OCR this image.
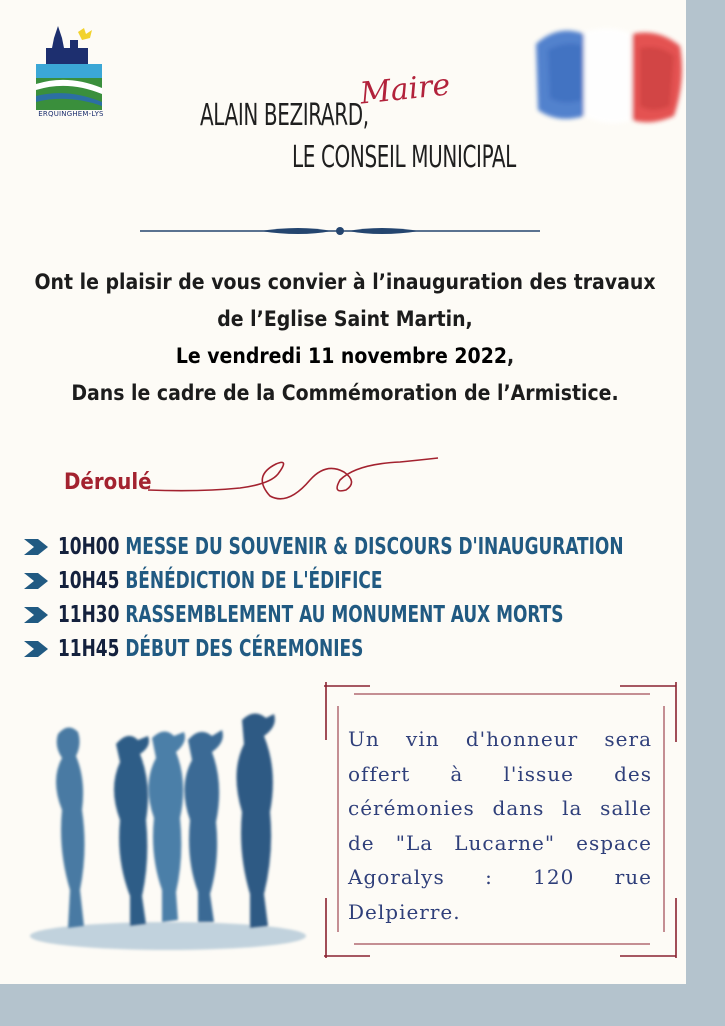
ERQUINGHEM-LYS	ALAIN BEZIRARD,
Maire
LE CONSEIL MUNICIPAL
Ont le plaisir de vous convier à l’inauguration des travaux
de l’Eglise Saint Martin,
Le vendredi 11 novembre 2022,
Dans le cadre de la Commémoration de l’Armistice.
Déroulé
10H00 MESSE DU SOUVENIR & DISCOURS D'INAUGURATION
10H45 BÉNÉDICTION DE L'ÉDIFICE
11H30 RASSEMBLEMENT AU MONUMENT AUX MORTS
11H45 DÉBUT DES CÉREMONIES
Un vin d'honneur sera offert à l'issue des cérémonies dans la salle de "La Lucarne" espace Agoralys : 120 rue Delpierre.
